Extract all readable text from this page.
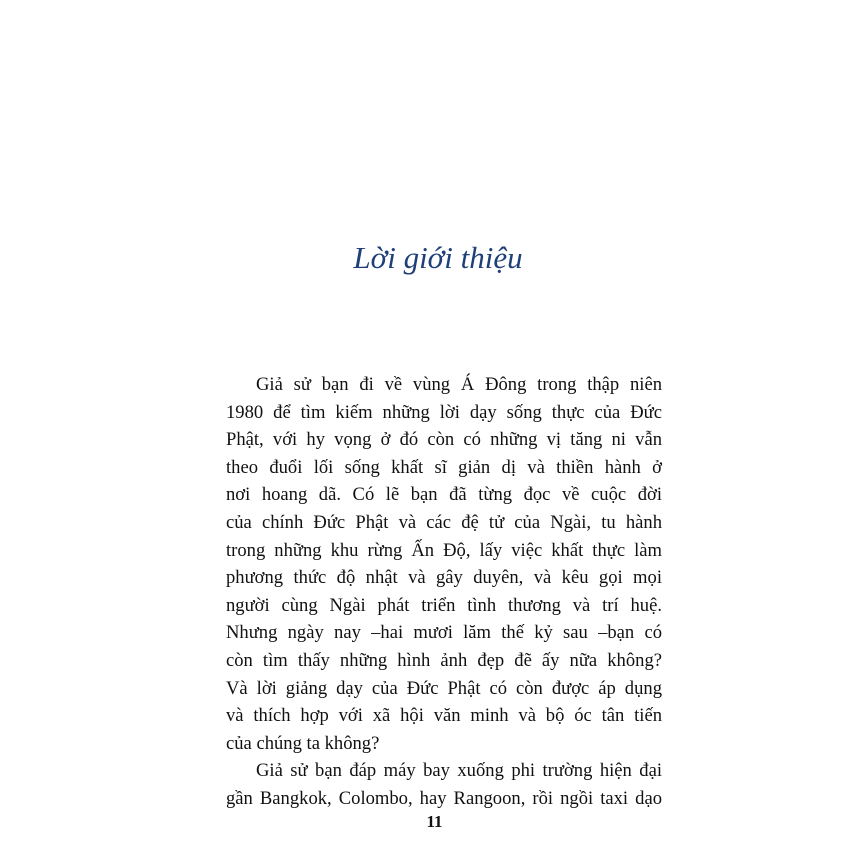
Lời giới thiệu
Giả sử bạn đi về vùng Á Đông trong thập niên
1980 để tìm kiếm những lời dạy sống thực của Đức
Phật, với hy vọng ở đó còn có những vị tăng ni vẫn
theo đuổi lối sống khất sĩ giản dị và thiền hành ở
nơi hoang dã. Có lẽ bạn đã từng đọc về cuộc đời
của chính Đức Phật và các đệ tử của Ngài, tu hành
trong những khu rừng Ấn Độ, lấy việc khất thực làm
phương thức độ nhật và gây duyên, và kêu gọi mọi
người cùng Ngài phát triển tình thương và trí huệ.
Nhưng ngày nay –hai mươi lăm thế kỷ sau –bạn có
còn tìm thấy những hình ảnh đẹp đẽ ấy nữa không?
Và lời giảng dạy của Đức Phật có còn được áp dụng
và thích hợp với xã hội văn minh và bộ óc tân tiến
của chúng ta không?
Giả sử bạn đáp máy bay xuống phi trường hiện đại
gần Bangkok, Colombo, hay Rangoon, rồi ngồi taxi dạo
11
